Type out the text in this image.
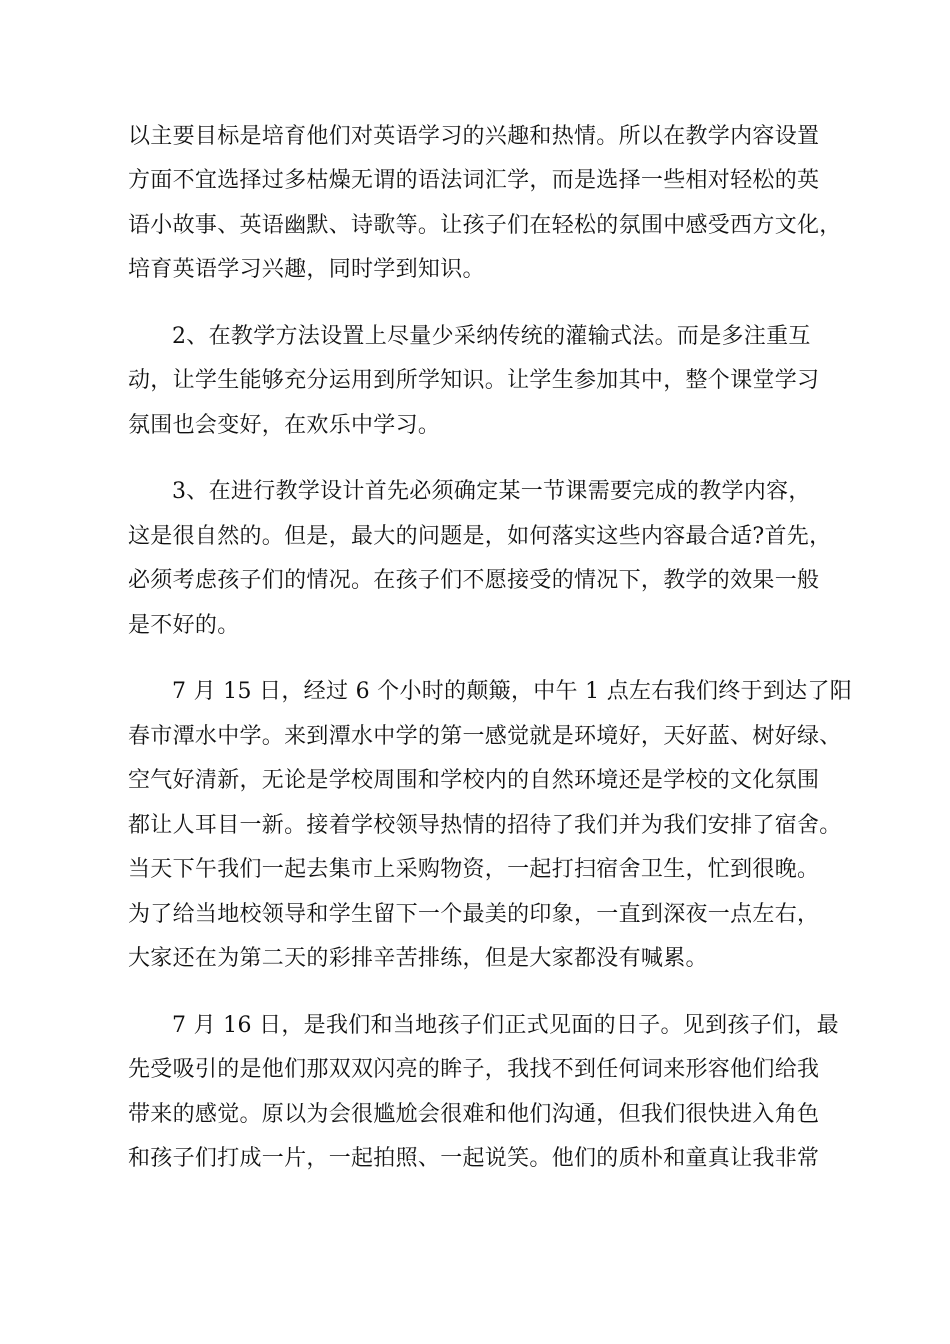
以主要目标是培育他们对英语学习的兴趣和热情。所以在教学内容设置
方面不宜选择过多枯燥无谓的语法词汇学，而是选择一些相对轻松的英
语小故事、英语幽默、诗歌等。让孩子们在轻松的氛围中感受西方文化，
培育英语学习兴趣，同时学到知识。
2、在教学方法设置上尽量少采纳传统的灌输式法。而是多注重互
动，让学生能够充分运用到所学知识。让学生参加其中，整个课堂学习
氛围也会变好，在欢乐中学习。
3、在进行教学设计首先必须确定某一节课需要完成的教学内容，
这是很自然的。但是，最大的问题是，如何落实这些内容最合适?首先，
必须考虑孩子们的情况。在孩子们不愿接受的情况下，教学的效果一般
是不好的。
7 月 15 日，经过 6 个小时的颠簸，中午 1 点左右我们终于到达了阳
春市潭水中学。来到潭水中学的第一感觉就是环境好，天好蓝、树好绿、
空气好清新，无论是学校周围和学校内的自然环境还是学校的文化氛围
都让人耳目一新。接着学校领导热情的招待了我们并为我们安排了宿舍。
当天下午我们一起去集市上采购物资，一起打扫宿舍卫生，忙到很晚。
为了给当地校领导和学生留下一个最美的印象，一直到深夜一点左右，
大家还在为第二天的彩排辛苦排练，但是大家都没有喊累。
7 月 16 日，是我们和当地孩子们正式见面的日子。见到孩子们，最
先受吸引的是他们那双双闪亮的眸子，我找不到任何词来形容他们给我
带来的感觉。原以为会很尴尬会很难和他们沟通，但我们很快进入角色
和孩子们打成一片，一起拍照、一起说笑。他们的质朴和童真让我非常
